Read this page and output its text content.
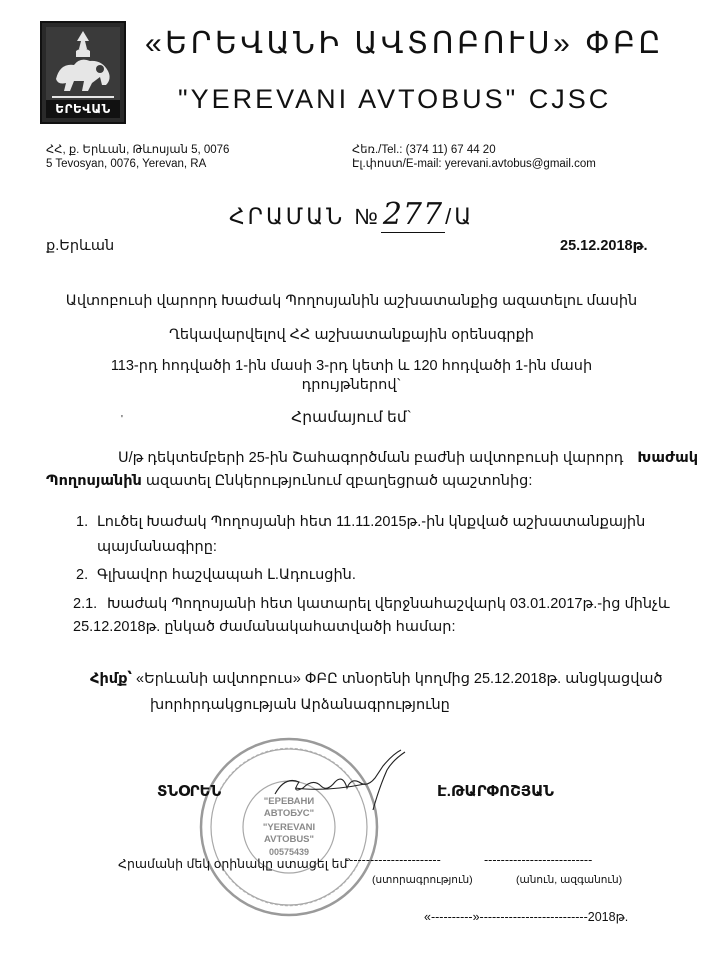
ԵՐԵՎԱՆ
«ԵՐԵՎԱՆԻ ԱՎՏՈԲՈՒՍ» ՓԲԸ
"YEREVANI AVTOBUS" CJSC
ՀՀ, ք. Երևան, Թևոսյան 5, 0076
5 Tevosyan, 0076, Yerevan, RA
Հեռ./Tel.: (374 11) 67 44 20
Էլ.փոստ/E-mail: yerevani.avtobus@gmail.com
ՀՐԱՄԱՆ №277/Ա
ք.Երևան	25.12.2018թ.
Ավտոբուսի վարորդ Խաժակ Պողոսյանին աշխատանքից ազատելու մասին
Ղեկավարվելով ՀՀ աշխատանքային օրենսգրքի
113-րդ հոդվածի 1-ին մասի 3-րդ կետի և 120 հոդվածի 1-ին մասի
դրույթներով`
Հրամայում եմ`
'
Ս/թ դեկտեմբերի 25-ին Շահագործման բաժնի ավտոբուսի վարորդ Խաժակ
Պողոսյանին ազատել Ընկերությունում զբաղեցրած պաշտոնից:
1. Լուծել Խաժակ Պողոսյանի հետ 11.11.2015թ.-ին կնքված աշխատանքային
պայմանագիրը:
2. Գլխավոր հաշվապահ Լ.Ադուսցին.
2.1. Խաժակ Պողոսյանի հետ կատարել վերջնահաշվարկ 03.01.2017թ.-ից մինչև
25.12.2018թ. ընկած ժամանակահատվածի համար:
Հիմք՝ «Երևանի ավտոբուս» ՓԲԸ տնօրենի կողմից 25.12.2018թ. անցկացված
խորհրդակցության Արձանագրությունը
"ЕРЕВАНИ
АВТОБУС"
"YEREVANI
AVTOBUS"
00575439
ՏՆՕՐԵՆ	Է.ԹԱՐՓՈՇՅԱՆ
Հրամանի մեկ օրինակը ստացել եմ`
-----------------------	--------------------------
(ստորագրություն)	(անուն, ազգանուն)
«----------»--------------------------2018թ.
